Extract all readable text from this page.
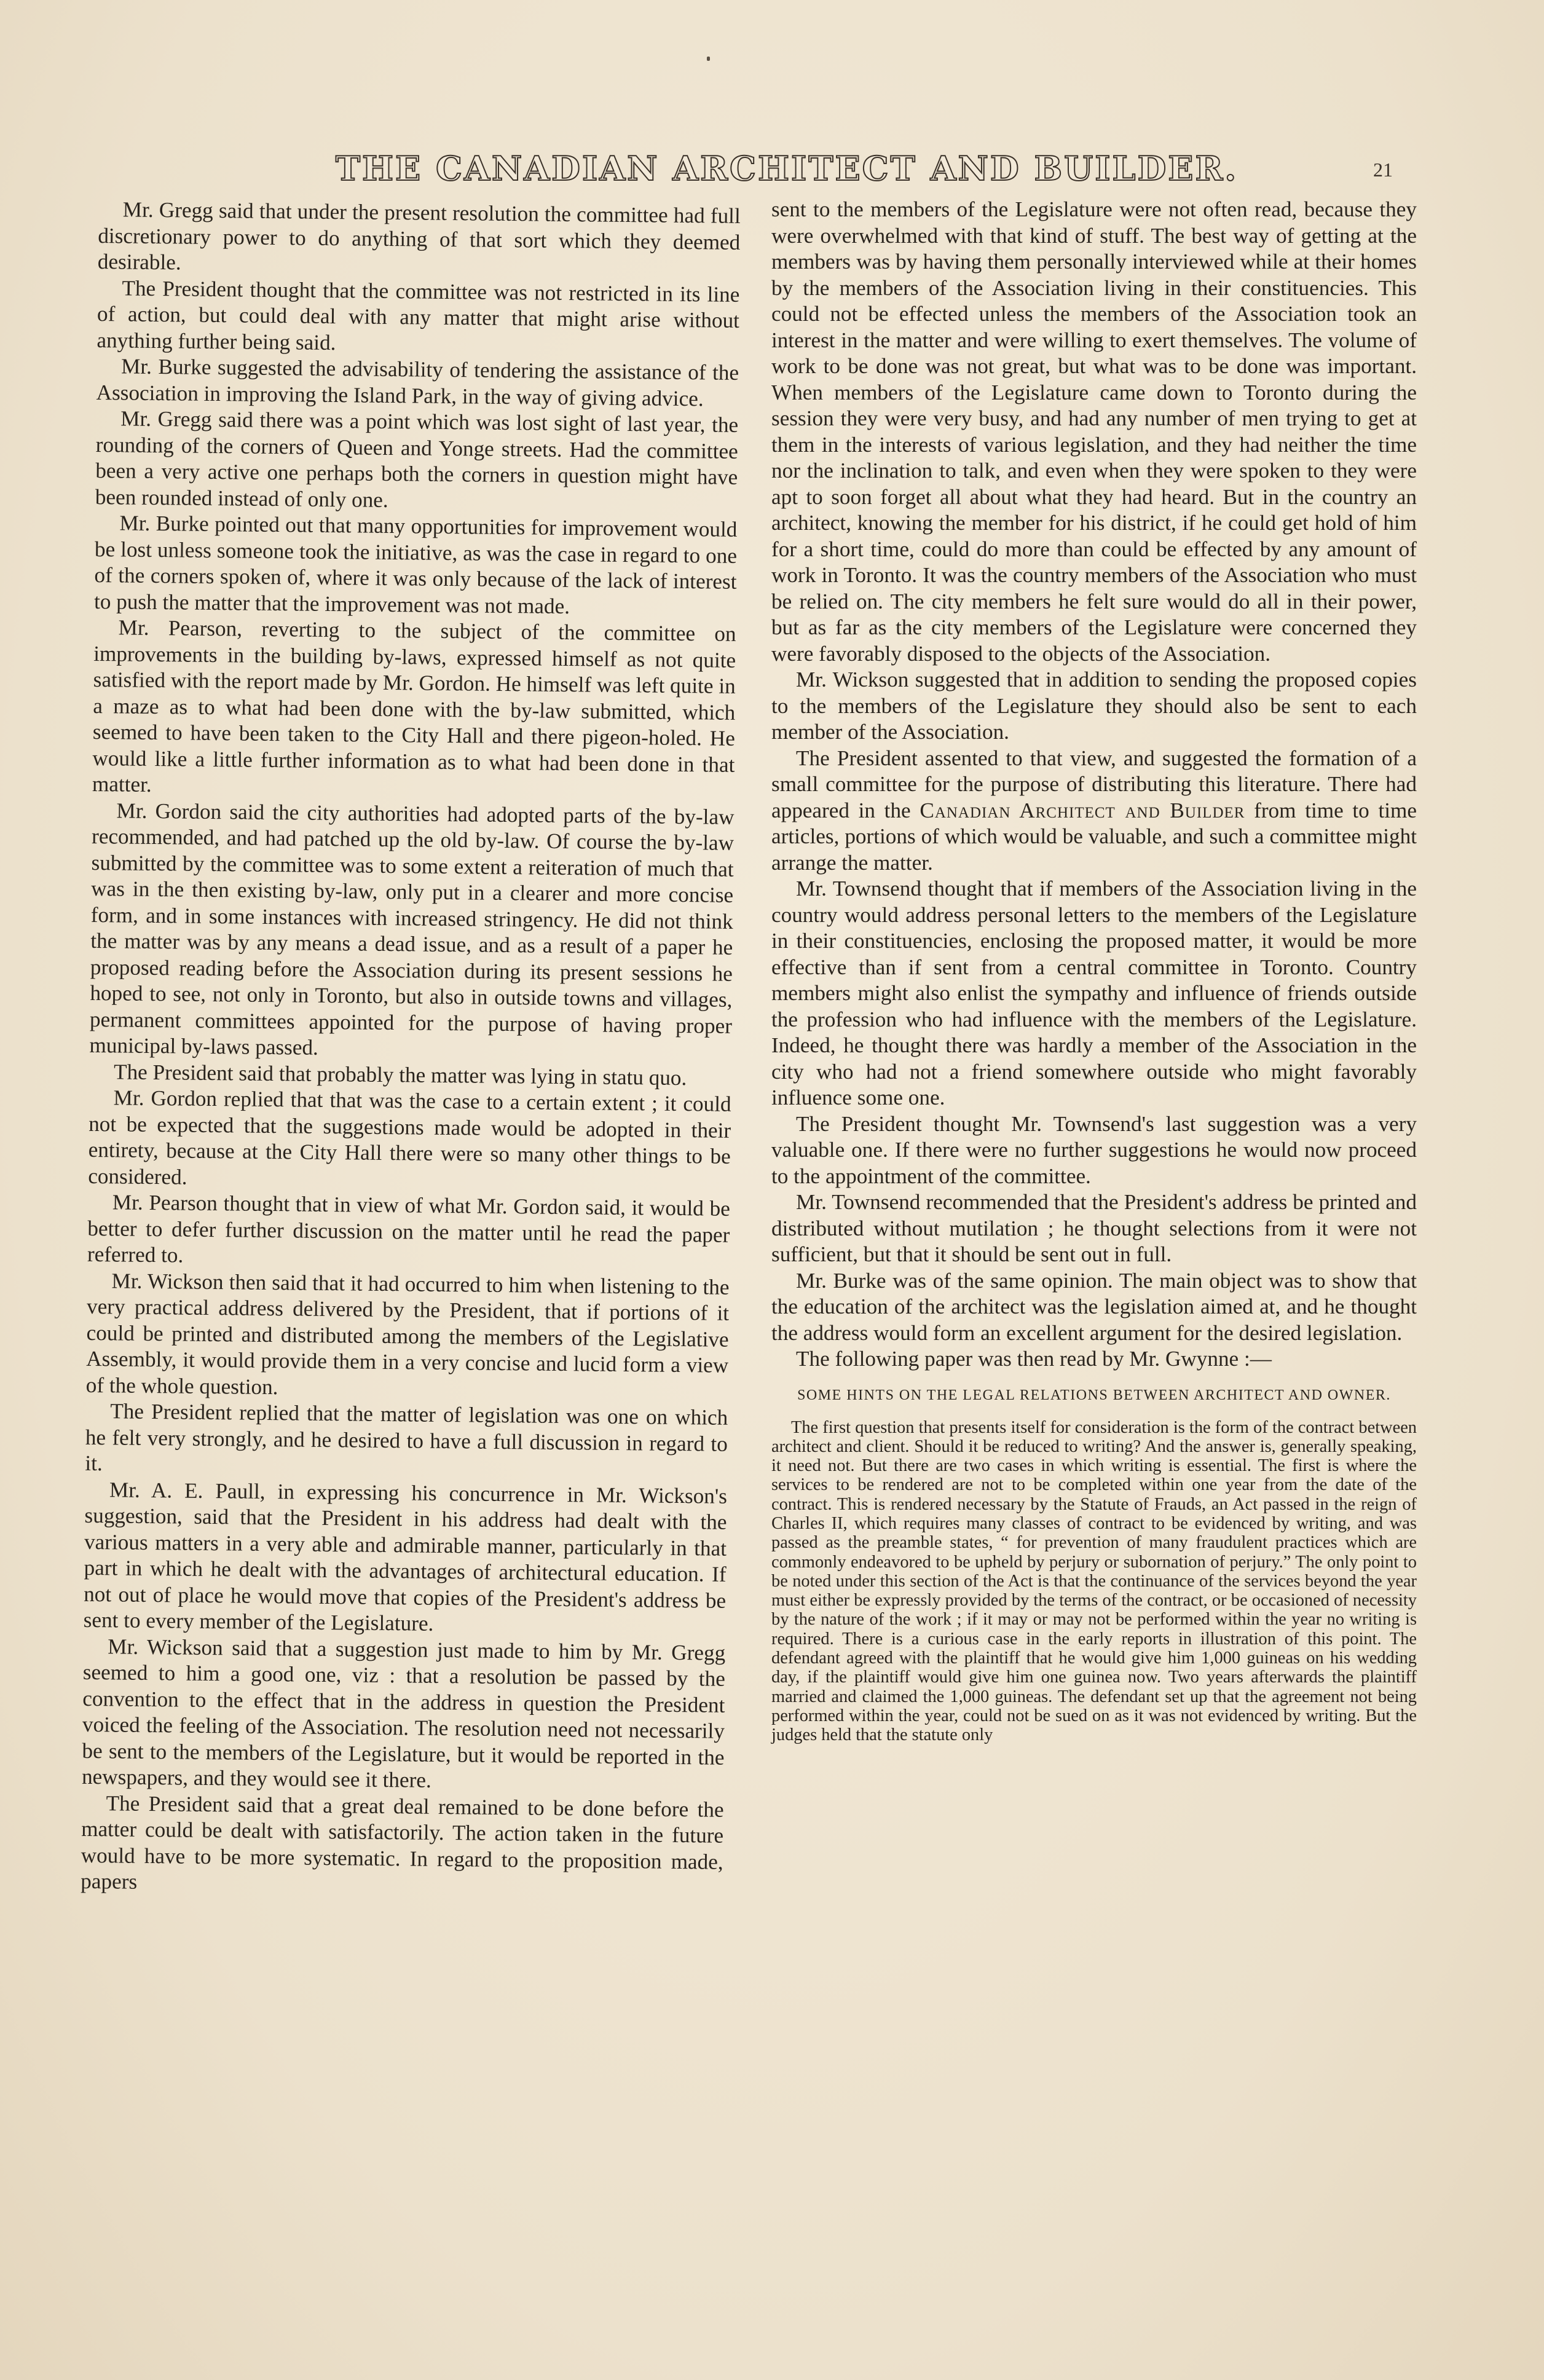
THE CANADIAN ARCHITECT AND BUILDER.	21

Mr. Gregg said that under the present resolution the committee had full discretionary power to do anything of that sort which they deemed desirable.

The President thought that the committee was not restricted in its line of action, but could deal with any matter that might arise without anything further being said.

Mr. Burke suggested the advisability of tendering the assistance of the Association in improving the Island Park, in the way of giving advice.

Mr. Gregg said there was a point which was lost sight of last year, the rounding of the corners of Queen and Yonge streets. Had the committee been a very active one perhaps both the corners in question might have been rounded instead of only one.

Mr. Burke pointed out that many opportunities for improvement would be lost unless someone took the initiative, as was the case in regard to one of the corners spoken of, where it was only because of the lack of interest to push the matter that the improvement was not made.

Mr. Pearson, reverting to the subject of the committee on improvements in the building by-laws, expressed himself as not quite satisfied with the report made by Mr. Gordon. He himself was left quite in a maze as to what had been done with the by-law submitted, which seemed to have been taken to the City Hall and there pigeon-holed. He would like a little further information as to what had been done in that matter.

Mr. Gordon said the city authorities had adopted parts of the by-law recommended, and had patched up the old by-law. Of course the by-law submitted by the committee was to some extent a reiteration of much that was in the then existing by-law, only put in a clearer and more concise form, and in some instances with increased stringency. He did not think the matter was by any means a dead issue, and as a result of a paper he proposed reading before the Association during its present sessions he hoped to see, not only in Toronto, but also in outside towns and villages, permanent committees appointed for the purpose of having proper municipal by-laws passed.

The President said that probably the matter was lying in statu quo.

Mr. Gordon replied that that was the case to a certain extent ; it could not be expected that the suggestions made would be adopted in their entirety, because at the City Hall there were so many other things to be considered.

Mr. Pearson thought that in view of what Mr. Gordon said, it would be better to defer further discussion on the matter until he read the paper referred to.

Mr. Wickson then said that it had occurred to him when listening to the very practical address delivered by the President, that if portions of it could be printed and distributed among the members of the Legislative Assembly, it would provide them in a very concise and lucid form a view of the whole question.

The President replied that the matter of legislation was one on which he felt very strongly, and he desired to have a full discussion in regard to it.

Mr. A. E. Paull, in expressing his concurrence in Mr. Wickson's suggestion, said that the President in his address had dealt with the various matters in a very able and admirable manner, particularly in that part in which he dealt with the advantages of architectural education. If not out of place he would move that copies of the President's address be sent to every member of the Legislature.

Mr. Wickson said that a suggestion just made to him by Mr. Gregg seemed to him a good one, viz : that a resolution be passed by the convention to the effect that in the address in question the President voiced the feeling of the Association. The resolution need not necessarily be sent to the members of the Legislature, but it would be reported in the newspapers, and they would see it there.

The President said that a great deal remained to be done before the matter could be dealt with satisfactorily. The action taken in the future would have to be more systematic. In regard to the proposition made, papers

sent to the members of the Legislature were not often read, because they were overwhelmed with that kind of stuff. The best way of getting at the members was by having them personally interviewed while at their homes by the members of the Association living in their constituencies. This could not be effected unless the members of the Association took an interest in the matter and were willing to exert themselves. The volume of work to be done was not great, but what was to be done was important. When members of the Legislature came down to Toronto during the session they were very busy, and had any number of men trying to get at them in the interests of various legislation, and they had neither the time nor the inclination to talk, and even when they were spoken to they were apt to soon forget all about what they had heard. But in the country an architect, knowing the member for his district, if he could get hold of him for a short time, could do more than could be effected by any amount of work in Toronto. It was the country members of the Association who must be relied on. The city members he felt sure would do all in their power, but as far as the city members of the Legislature were concerned they were favorably disposed to the objects of the Association.

Mr. Wickson suggested that in addition to sending the proposed copies to the members of the Legislature they should also be sent to each member of the Association.

The President assented to that view, and suggested the formation of a small committee for the purpose of distributing this literature. There had appeared in the Canadian Architect and Builder from time to time articles, portions of which would be valuable, and such a committee might arrange the matter.

Mr. Townsend thought that if members of the Association living in the country would address personal letters to the members of the Legislature in their constituencies, enclosing the proposed matter, it would be more effective than if sent from a central committee in Toronto. Country members might also enlist the sympathy and influence of friends outside the profession who had influence with the members of the Legislature. Indeed, he thought there was hardly a member of the Association in the city who had not a friend somewhere outside who might favorably influence some one.

The President thought Mr. Townsend's last suggestion was a very valuable one. If there were no further suggestions he would now proceed to the appointment of the committee.

Mr. Townsend recommended that the President's address be printed and distributed without mutilation ; he thought selections from it were not sufficient, but that it should be sent out in full.

Mr. Burke was of the same opinion. The main object was to show that the education of the architect was the legislation aimed at, and he thought the address would form an excellent argument for the desired legislation.

The following paper was then read by Mr. Gwynne :—

SOME HINTS ON THE LEGAL RELATIONS BETWEEN ARCHITECT AND OWNER.

The first question that presents itself for consideration is the form of the contract between architect and client. Should it be reduced to writing? And the answer is, generally speaking, it need not. But there are two cases in which writing is essential. The first is where the services to be rendered are not to be completed within one year from the date of the contract. This is rendered necessary by the Statute of Frauds, an Act passed in the reign of Charles II, which requires many classes of contract to be evidenced by writing, and was passed as the preamble states, “ for prevention of many fraudulent practices which are commonly endeavored to be upheld by perjury or subornation of perjury.” The only point to be noted under this section of the Act is that the continuance of the services beyond the year must either be expressly provided by the terms of the contract, or be occasioned of necessity by the nature of the work ; if it may or may not be performed within the year no writing is required. There is a curious case in the early reports in illustration of this point. The defendant agreed with the plaintiff that he would give him 1,000 guineas on his wedding day, if the plaintiff would give him one guinea now. Two years afterwards the plaintiff married and claimed the 1,000 guineas. The defendant set up that the agreement not being performed within the year, could not be sued on as it was not evidenced by writing. But the judges held that the statute only
